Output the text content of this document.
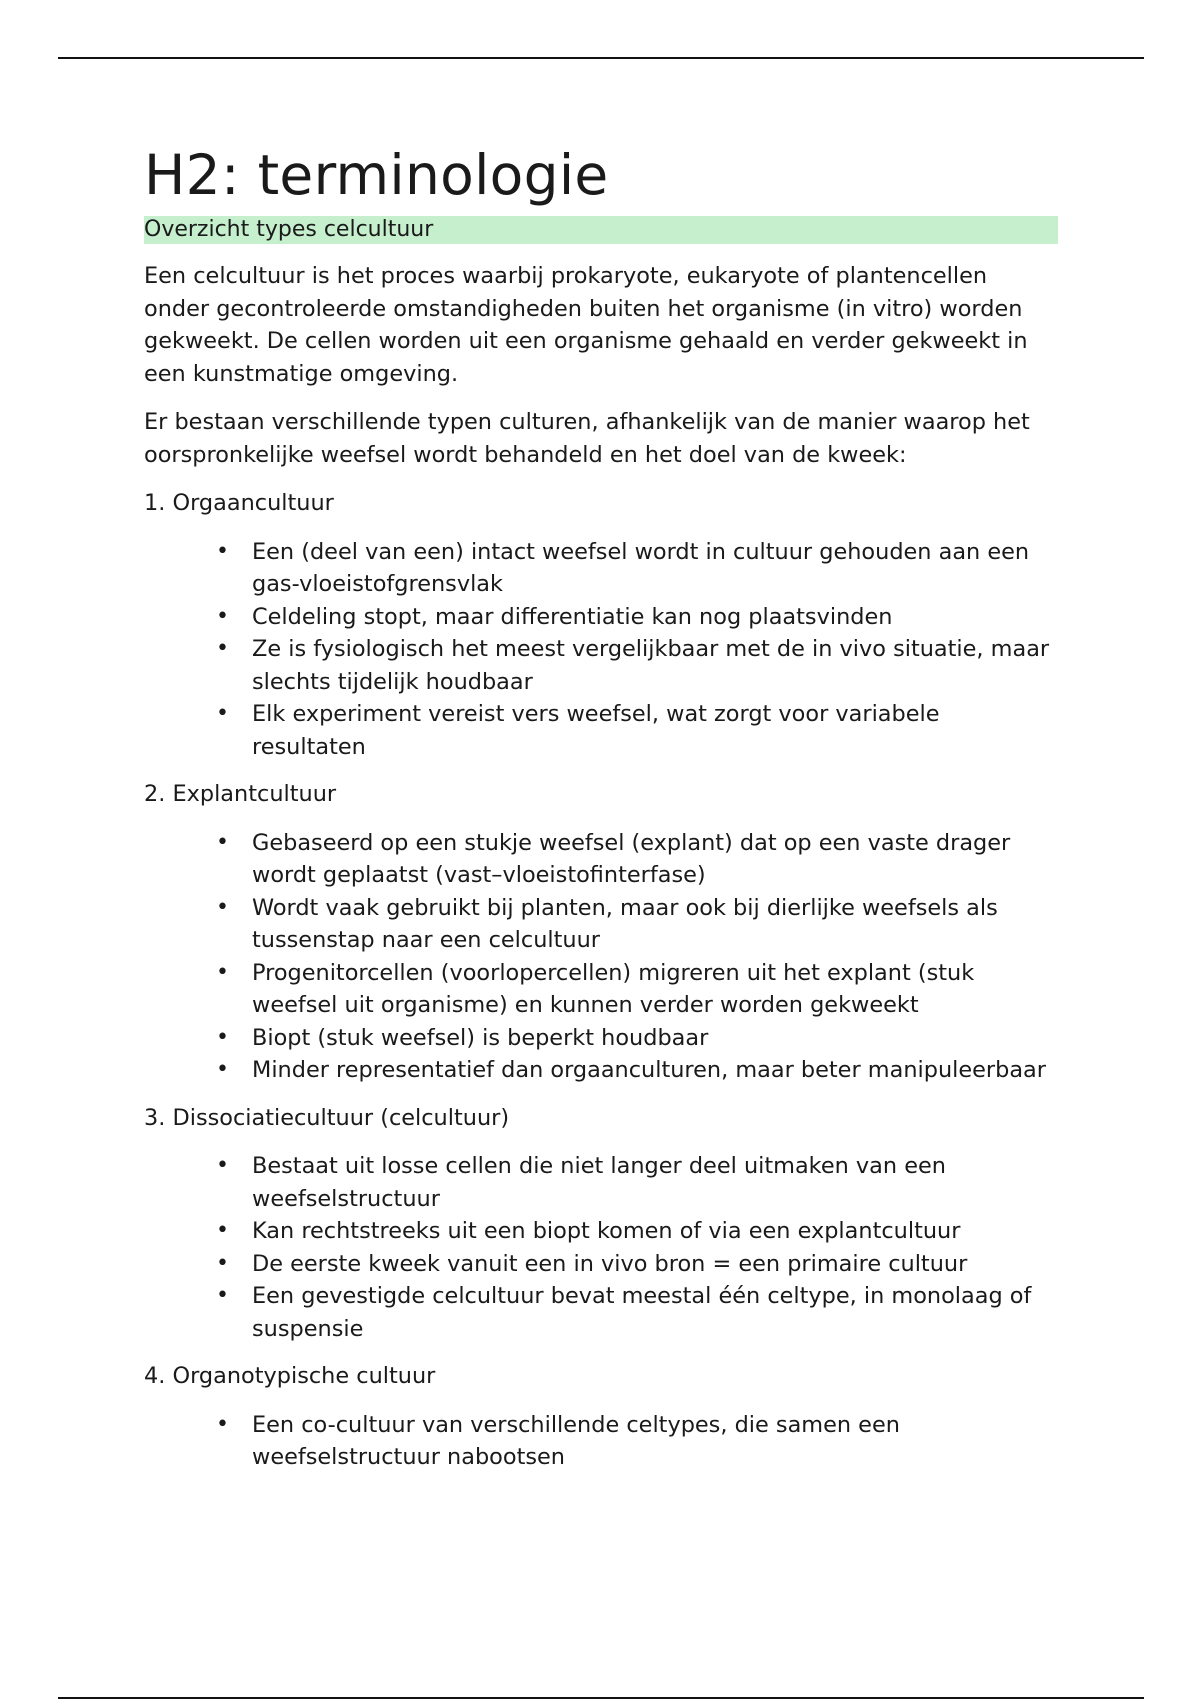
H2: terminologie
Overzicht types celcultuur

Een celcultuur is het proces waarbij prokaryote, eukaryote of plantencellen onder gecontroleerde omstandigheden buiten het organisme (in vitro) worden gekweekt. De cellen worden uit een organisme gehaald en verder gekweekt in een kunstmatige omgeving.

Er bestaan verschillende typen culturen, afhankelijk van de manier waarop het oorspronkelijke weefsel wordt behandeld en het doel van de kweek:

1. Orgaancultuur

• Een (deel van een) intact weefsel wordt in cultuur gehouden aan een gas-vloeistofgrensvlak
• Celdeling stopt, maar differentiatie kan nog plaatsvinden
• Ze is fysiologisch het meest vergelijkbaar met de in vivo situatie, maar slechts tijdelijk houdbaar
• Elk experiment vereist vers weefsel, wat zorgt voor variabele resultaten

2. Explantcultuur

• Gebaseerd op een stukje weefsel (explant) dat op een vaste drager wordt geplaatst (vast–vloeistofinterfase)
• Wordt vaak gebruikt bij planten, maar ook bij dierlijke weefsels als tussenstap naar een celcultuur
• Progenitorcellen (voorlopercellen) migreren uit het explant (stuk weefsel uit organisme) en kunnen verder worden gekweekt
• Biopt (stuk weefsel) is beperkt houdbaar
• Minder representatief dan orgaanculturen, maar beter manipuleerbaar

3. Dissociatiecultuur (celcultuur)

• Bestaat uit losse cellen die niet langer deel uitmaken van een weefselstructuur
• Kan rechtstreeks uit een biopt komen of via een explantcultuur
• De eerste kweek vanuit een in vivo bron = een primaire cultuur
• Een gevestigde celcultuur bevat meestal één celtype, in monolaag of suspensie

4. Organotypische cultuur

• Een co-cultuur van verschillende celtypes, die samen een weefselstructuur nabootsen
